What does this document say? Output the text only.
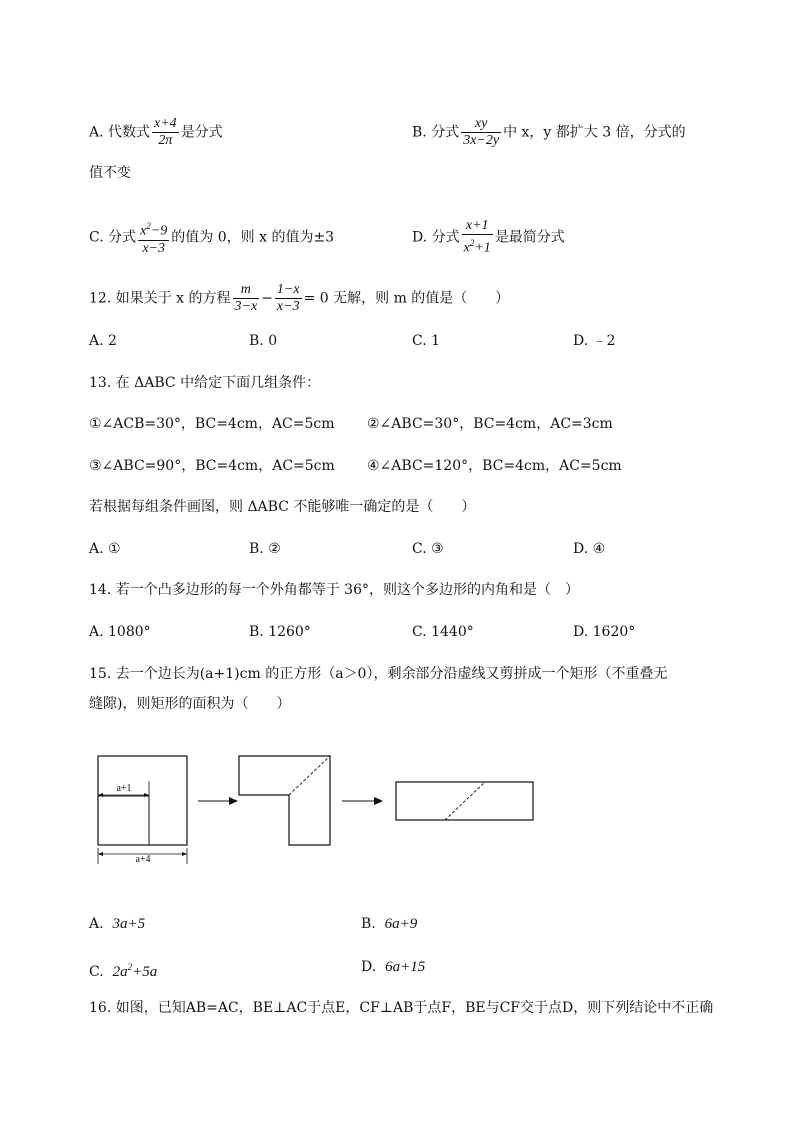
A. 代数式 $\frac{x+4}{2\pi}$ 是分式	B. 分式 $\frac{xy}{3x-2y}$ 中 x，y 都扩大 3 倍，分式的
值不变
C. 分式 $\frac{x^2-9}{x-3}$ 的值为 0，则 x 的值为±3	D. 分式 $\frac{x+1}{x^2+1}$ 是最简分式
12. 如果关于 x 的方程 $\frac{m}{3-x} - \frac{1-x}{x-3} = 0$ 无解，则 m 的值是（　　）
A. 2	B. 0	C. 1	D. ﹣2
13. 在 ΔABC 中给定下面几组条件：
①∠ACB=30°，BC=4cm，AC=5cm ②∠ABC=30°，BC=4cm，AC=3cm
③∠ABC=90°，BC=4cm，AC=5cm ④∠ABC=120°，BC=4cm，AC=5cm
若根据每组条件画图，则 ΔABC 不能够唯一确定的是（　　）
A. ①	B. ②	C. ③	D. ④
14. 若一个凸多边形的每一个外角都等于 36°，则这个多边形的内角和是（　）
A. 1080°	B. 1260°	C. 1440°	D. 1620°
15. 去一个边长为(a+1)cm 的正方形（a＞0），剩余部分沿虚线又剪拼成一个矩形（不重叠无
缝隙)，则矩形的面积为（　　）
a+1
a+4
A. 3a+5	B. 6a+9
C. $2a^2+5a$	D. 6a+15
16. 如图，已知AB=AC，BE⊥AC于点E，CF⊥AB于点F，BE与CF交于点D，则下列结论中不正确
